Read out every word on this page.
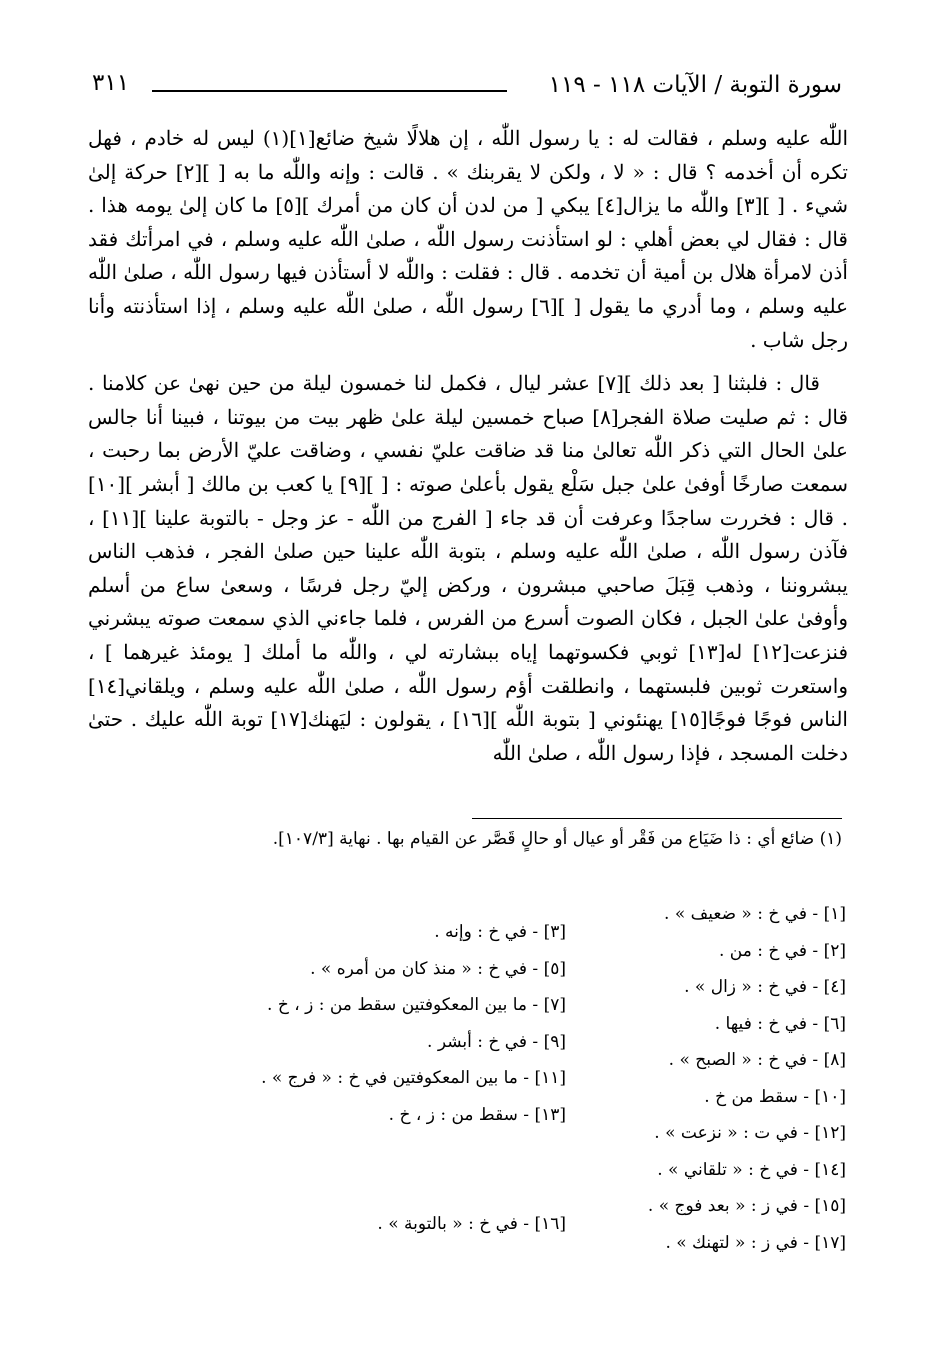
سورة التوبة / الآيات ١١٨ - ١١٩
٣١١

اللّٰه عليه وسلم ، فقالت له : يا رسول اللّٰه ، إن هلالًا شيخ ضائع[١](١) ليس له خادم ، فهل تكره أن أخدمه ؟ قال : « لا ، ولكن لا يقربنك » . قالت : وإنه واللّٰه ما به [ ][٢] حركة إلىٰ شيء . [ ][٣] واللّٰه ما يزال[٤] يبكي [ من لدن أن كان من أمرك ][٥] ما كان إلىٰ يومه هذا . قال : فقال لي بعض أهلي : لو استأذنت رسول اللّٰه ، صلىٰ اللّٰه عليه وسلم ، في امرأتك فقد أذن لامرأة هلال بن أمية أن تخدمه . قال : فقلت : واللّٰه لا أستأذن فيها رسول اللّٰه ، صلىٰ اللّٰه عليه وسلم ، وما أدري ما يقول [ ][٦] رسول اللّٰه ، صلىٰ اللّٰه عليه وسلم ، إذا استأذنته وأنا رجل شاب .

قال : فلبثنا [ بعد ذلك ][٧] عشر ليال ، فكمل لنا خمسون ليلة من حين نهىٰ عن كلامنا . قال : ثم صليت صلاة الفجر[٨] صباح خمسين ليلة علىٰ ظهر بيت من بيوتنا ، فبينا أنا جالس علىٰ الحال التي ذكر اللّٰه تعالىٰ منا قد ضاقت عليّ نفسي ، وضاقت عليّ الأرض بما رحبت ، سمعت صارخًا أوفىٰ علىٰ جبل سَلْع يقول بأعلىٰ صوته : [ ][٩] يا كعب بن مالك [ أبشر ][١٠] . قال : فخررت ساجدًا وعرفت أن قد جاء [ الفرج من اللّٰه - عز وجل - بالتوبة علينا ][١١] ، فآذن رسول اللّٰه ، صلىٰ اللّٰه عليه وسلم ، بتوبة اللّٰه علينا حين صلىٰ الفجر ، فذهب الناس يبشروننا ، وذهب قِبَلَ صاحبي مبشرون ، وركض إليّ رجل فرسًا ، وسعىٰ ساع من أسلم وأوفىٰ علىٰ الجبل ، فكان الصوت أسرع من الفرس ، فلما جاءني الذي سمعت صوته يبشرني فنزعت[١٢] له[١٣] ثوبي فكسوتهما إياه ببشارته لي ، واللّٰه ما أملك [ يومئذ غيرهما ] ، واستعرت ثوبين فلبستهما ، وانطلقت أؤم رسول اللّٰه ، صلىٰ اللّٰه عليه وسلم ، ويلقاني[١٤] الناس فوجًا فوجًا[١٥] يهنئوني [ بتوبة اللّٰه ][١٦] ، يقولون : ليَهنك[١٧] توبة اللّٰه عليك . حتىٰ دخلت المسجد ، فإذا رسول اللّٰه ، صلىٰ اللّٰه

(١) ضائع أي : ذا ضَيَاع من فَقْر أو عيال أو حالٍ قَصَّر عن القيام بها . نهاية [١٠٧/٣].
[١] - في خ : « ضعيف » .
[٢] - في خ : من .
[٤] - في خ : « زال » .
[٦] - في خ : فيها .
[٨] - في خ : « الصبح » .
[١٠] - سقط من خ .
[١٢] - في ت : « نزعت » .
[١٤] - في خ : « تلقاني » .
[١٥] - في ز : « بعد فوج » .
[١٧] - في ز : « لتهنك » .
[٣] - في خ : وإنه .
[٥] - في خ : « منذ كان من أمره » .
[٧] - ما بين المعكوفتين سقط من : ز ، خ .
[٩] - في خ : أبشر .
[١١] - ما بين المعكوفتين في خ : « فرج » .
[١٣] - سقط من : ز ، خ .
[١٦] - في خ : « بالتوبة » .
